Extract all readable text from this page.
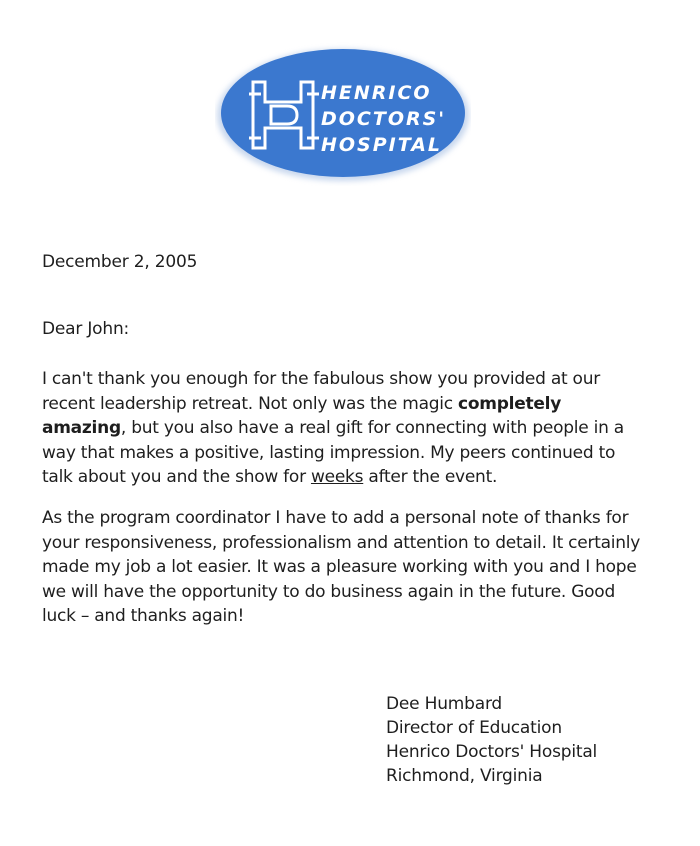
HENRICO
DOCTORS'
HOSPITAL
December 2, 2005
Dear John:

I can't thank you enough for the fabulous show you provided at our recent leadership retreat. Not only was the magic completely amazing, but you also have a real gift for connecting with people in a way that makes a positive, lasting impression. My peers continued to talk about you and the show for weeks after the event.

As the program coordinator I have to add a personal note of thanks for your responsiveness, professionalism and attention to detail. It certainly made my job a lot easier. It was a pleasure working with you and I hope we will have the opportunity to do business again in the future. Good luck – and thanks again!

Dee Humbard
Director of Education
Henrico Doctors' Hospital
Richmond, Virginia
